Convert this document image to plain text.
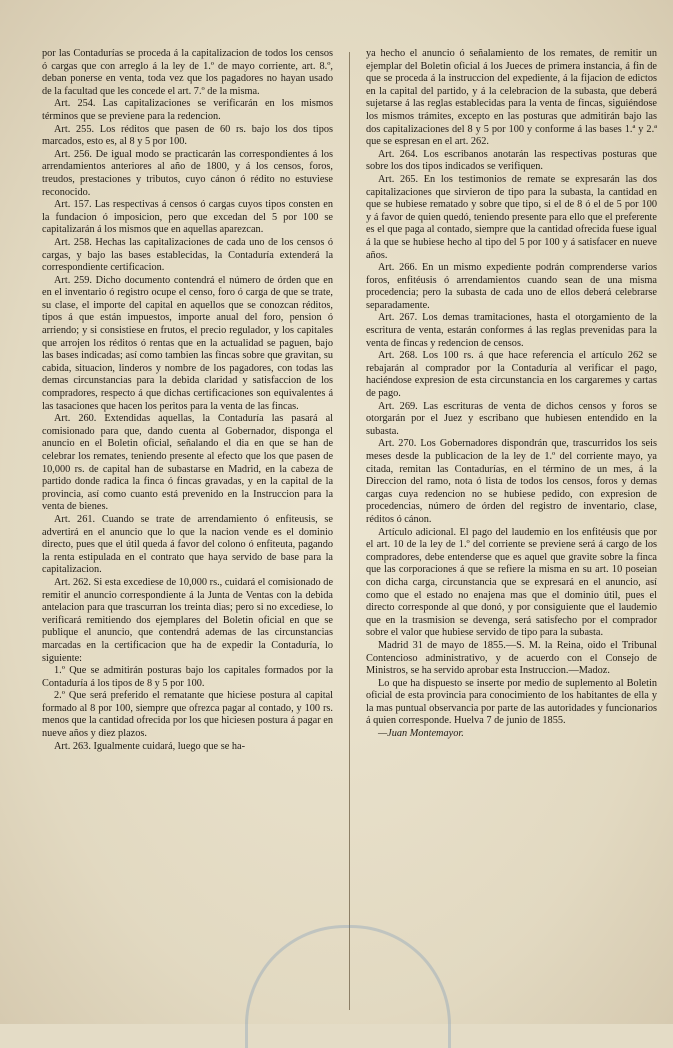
por las Contadurías se proceda á la capitalizacion de todos los censos ó cargas que con arreglo á la ley de 1.º de mayo corriente, art. 8.º, deban ponerse en venta, toda vez que los pagadores no hayan usado de la facultad que les concede el art. 7.º de la misma.

Art. 254. Las capitalizaciones se verificarán en los mismos términos que se previene para la redencion.

Art. 255. Los réditos que pasen de 60 rs. bajo los dos tipos marcados, esto es, al 8 y 5 por 100.

Art. 256. De igual modo se practicarán las correspondientes á los arrendamientos anteriores al año de 1800, y á los censos, foros, treudos, prestaciones y tributos, cuyo cánon ó rédito no estuviese reconocido.

Art. 157. Las respectivas á censos ó cargas cuyos tipos consten en la fundacion ó imposicion, pero que excedan del 5 por 100 se capitalizarán á los mismos que en aquellas aparezcan.

Art. 258. Hechas las capitalizaciones de cada uno de los censos ó cargas, y bajo las bases establecidas, la Contaduría extenderá la correspondiente certificacion.

Art. 259. Dicho documento contendrá el número de órden que en en el inventario ó registro ocupe el censo, foro ó carga de que se trate, su clase, el importe del capital en aquellos que se conozcan réditos, tipos á que están impuestos, importe anual del foro, pension ó arriendo; y si consistiese en frutos, el precio regulador, y los capitales que arrojen los réditos ó rentas que en la actualidad se paguen, bajo las bases indicadas; así como tambien las fincas sobre que gravitan, su cabida, situacion, linderos y nombre de los pagadores, con todas las demas circunstancias para la debida claridad y satisfaccion de los compradores, respecto á que dichas certificaciones son equivalentes á las tasaciones que hacen los peritos para la venta de las fincas.

Art. 260. Extendidas aquellas, la Contaduría las pasará al comisionado para que, dando cuenta al Gobernador, disponga el anuncio en el Boletin oficial, señalando el dia en que se han de celebrar los remates, teniendo presente al efecto que los que pasen de 10,000 rs. de capital han de subastarse en Madrid, en la cabeza de partido donde radica la finca ó fincas gravadas, y en la capital de la provincia, así como cuanto está prevenido en la Instruccion para la venta de bienes.

Art. 261. Cuando se trate de arrendamiento ó enfiteusis, se advertirá en el anuncio que lo que la nacion vende es el dominio directo, pues que el útil queda á favor del colono ó enfiteuta, pagando la renta estipulada en el contrato que haya servido de base para la capitalizacion.

Art. 262. Si esta excediese de 10,000 rs., cuidará el comisionado de remitir el anuncio correspondiente á la Junta de Ventas con la debida antelacion para que trascurran los treinta dias; pero si no excediese, lo verificará remitiendo dos ejemplares del Boletin oficial en que se publique el anuncio, que contendrá ademas de las circunstancias marcadas en la certificacion que ha de expedir la Contaduría, lo siguiente:

1.º Que se admitirán posturas bajo los capitales formados por la Contaduría á los tipos de 8 y 5 por 100.

2.º Que será preferido el rematante que hiciese postura al capital formado al 8 por 100, siempre que ofrezca pagar al contado, y 100 rs. menos que la cantidad ofrecida por los que hiciesen postura á pagar en nueve años y diez plazos.

Art. 263. Igualmente cuidará, luego que se ha-

ya hecho el anuncio ó señalamiento de los remates, de remitir un ejemplar del Boletin oficial á los Jueces de primera instancia, á fin de que se proceda á la instruccion del expediente, á la fijacion de edictos en la capital del partido, y á la celebracion de la subasta, que deberá sujetarse á las reglas establecidas para la venta de fincas, siguiéndose los mismos trámites, excepto en las posturas que admitirán bajo las dos capitalizaciones del 8 y 5 por 100 y conforme á las bases 1.ª y 2.ª que se espresan en el art. 262.

Art. 264. Los escribanos anotarán las respectivas posturas que sobre los dos tipos indicados se verifiquen.

Art. 265. En los testimonios de remate se expresarán las dos capitalizaciones que sirvieron de tipo para la subasta, la cantidad en que se hubiese rematado y sobre que tipo, si el de 8 ó el de 5 por 100 y á favor de quien quedó, teniendo presente para ello que el preferente es el que paga al contado, siempre que la cantidad ofrecida fuese igual á la que se hubiese hecho al tipo del 5 por 100 y á satisfacer en nueve años.

Art. 266. En un mismo expediente podrán comprenderse varios foros, enfitéusis ó arrendamientos cuando sean de una misma procedencia; pero la subasta de cada uno de ellos deberá celebrarse separadamente.

Art. 267. Los demas tramitaciones, hasta el otorgamiento de la escritura de venta, estarán conformes á las reglas prevenidas para la venta de fincas y redencion de censos.

Art. 268. Los 100 rs. á que hace referencia el artículo 262 se rebajarán al comprador por la Contaduría al verificar el pago, haciéndose expresion de esta circunstancia en los cargaremes y cartas de pago.

Art. 269. Las escrituras de venta de dichos censos y foros se otorgarán por el Juez y escribano que hubiesen entendido en la subasta.

Art. 270. Los Gobernadores dispondrán que, trascurridos los seis meses desde la publicacion de la ley de 1.º del corriente mayo, ya citada, remitan las Contadurías, en el término de un mes, á la Direccion del ramo, nota ó lista de todos los censos, foros y demas cargas cuya redencion no se hubiese pedido, con expresion de procedencias, número de órden del registro de inventario, clase, réditos ó cánon.

Artículo adicional. El pago del laudemio en los enfitéusis que por el art. 10 de la ley de 1.º del corriente se previene será á cargo de los compradores, debe entenderse que es aquel que gravite sobre la finca que las corporaciones á que se refiere la misma en su art. 10 poseian con dicha carga, circunstancia que se expresará en el anuncio, así como que el estado no enajena mas que el dominio útil, pues el directo corresponde al que donó, y por consiguiente que el laudemio que en la trasmision se devenga, será satisfecho por el comprador sobre el valor que hubiese servido de tipo para la subasta.

Madrid 31 de mayo de 1855.—S. M. la Reina, oido el Tribunal Contencioso administrativo, y de acuerdo con el Consejo de Ministros, se ha servido aprobar esta Instruccion.—Madoz.

Lo que ha dispuesto se inserte por medio de suplemento al Boletin oficial de esta provincia para conocimiento de los habitantes de ella y la mas puntual observancia por parte de las autoridades y funcionarios á quien corresponde. Huelva 7 de junio de 1855.

—Juan Montemayor.
